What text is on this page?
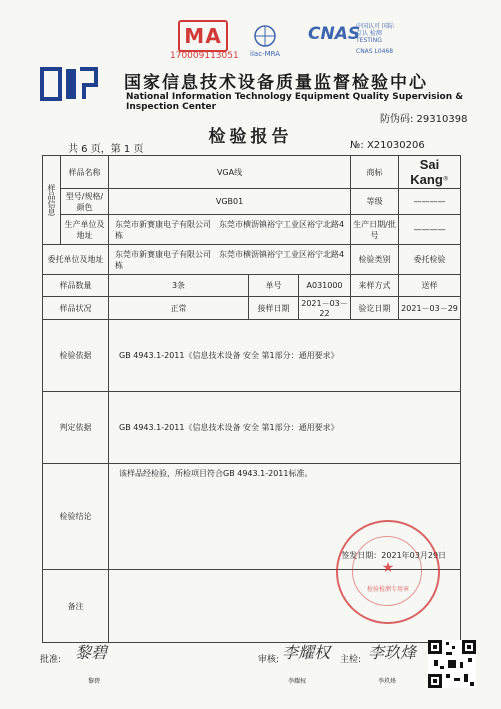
MA
170009113051	ilac-MRA
CNAS
中国认可 国际互认 检测 TESTING
CNAS L0468
国家信息技术设备质量监督检验中心
National Information Technology Equipment Quality Supervision & Inspection Center
防伪码: 29310398
检验报告
共 6 页，第 1 页	№: X21030206
样品信息	样品名称	VGA线			商标	Sai Kang®
	型号/规格/颜色	VGB01			等级	————
	生产单位及地址	东莞市新赛康电子有限公司　东莞市横沥镇裕宁工业区裕宁北路4栋			生产日期/批号	————
委托单位及地址		东莞市新赛康电子有限公司　东莞市横沥镇裕宁工业区裕宁北路4栋			检验类别	委托检验
样品数量		3条	单号	A031000	来样方式	送样
样品状况		正常	接样日期	2021－03－22	验讫日期	2021－03－29
检验依据		GB 4943.1-2011《信息技术设备 安全 第1部分：通用要求》				
判定依据		GB 4943.1-2011《信息技术设备 安全 第1部分：通用要求》				
检验结论		该样品经检验，所检项目符合GB 4943.1-2011标准。
签发日期：2021年03月29日				

备注						
★
检验检测专用章
批准: 黎碧
黎碧
审核: 李耀权
李耀权
主检: 李玖烽
李玖烽
